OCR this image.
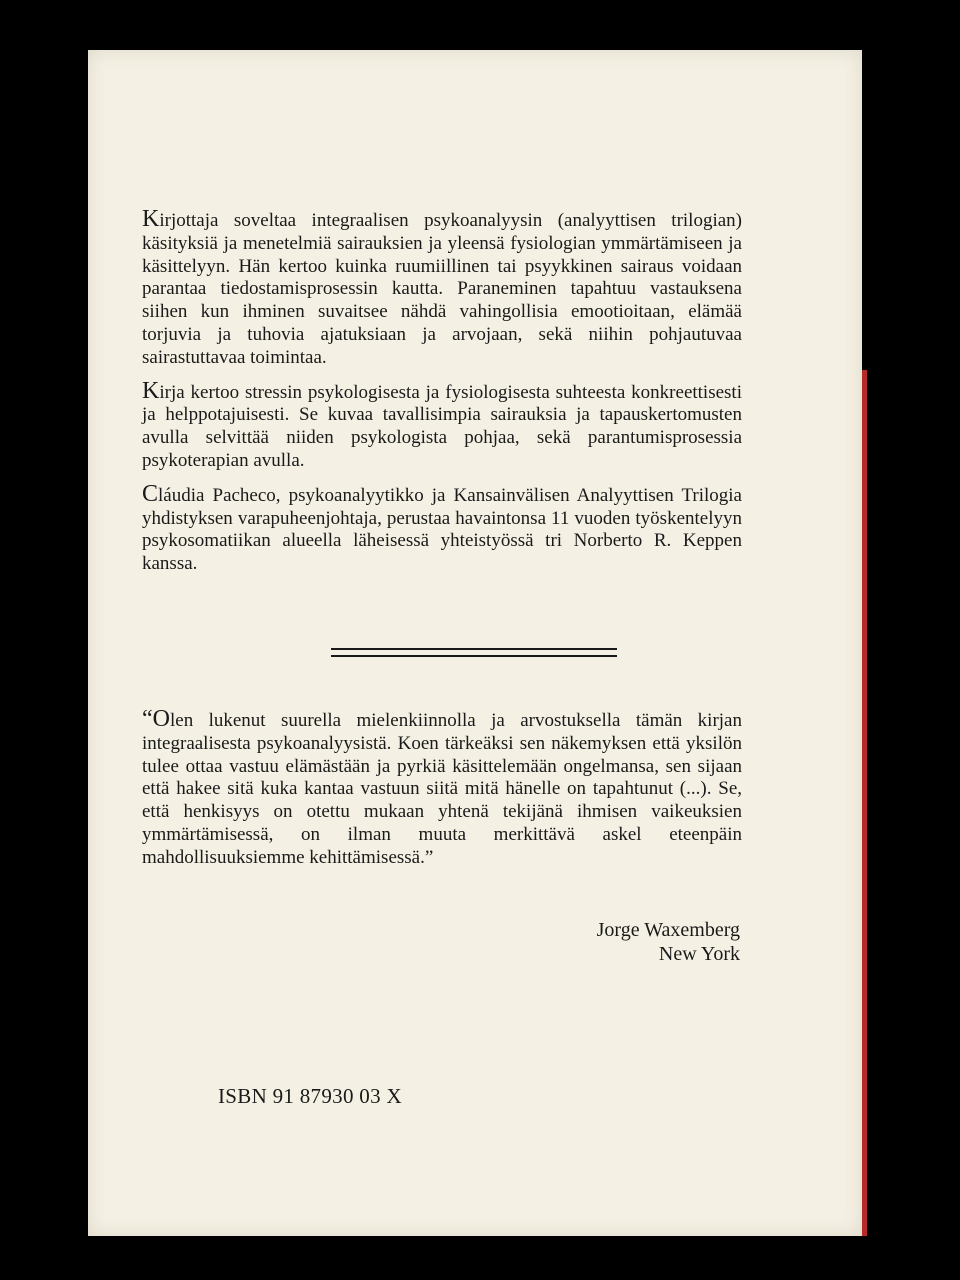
Kirjottaja soveltaa integraalisen psykoanalyysin (analyyttisen trilogian) käsityksiä ja menetelmiä sairauksien ja yleensä fysiologian ymmärtämiseen ja käsittelyyn. Hän kertoo kuinka ruumiillinen tai psyykkinen sairaus voidaan parantaa tiedostamisprosessin kautta. Paraneminen tapahtuu vastauksena siihen kun ihminen suvaitsee nähdä vahingollisia emootioitaan, elämää torjuvia ja tuhovia ajatuksiaan ja arvojaan, sekä niihin pohjautuvaa sairastuttavaa toimintaa.

Kirja kertoo stressin psykologisesta ja fysiologisesta suhteesta konkreettisesti ja helppotajuisesti. Se kuvaa tavallisimpia sairauksia ja tapauskertomusten avulla selvittää niiden psykologista pohjaa, sekä parantumisprosessia psykoterapian avulla.

Cláudia Pacheco, psykoanalyytikko ja Kansainvälisen Analyyttisen Trilogia yhdistyksen varapuheenjohtaja, perustaa havaintonsa 11 vuoden työskentelyyn psykosomatiikan alueella läheisessä yhteistyössä tri Norberto R. Keppen kanssa.

“Olen lukenut suurella mielenkiinnolla ja arvostuksella tämän kirjan integraalisesta psykoanalyysistä. Koen tärkeäksi sen näkemyksen että yksilön tulee ottaa vastuu elämästään ja pyrkiä käsittelemään ongelmansa, sen sijaan että hakee sitä kuka kantaa vastuun siitä mitä hänelle on tapahtunut (...). Se, että henkisyys on otettu mukaan yhtenä tekijänä ihmisen vaikeuksien ymmärtämisessä, on ilman muuta merkittävä askel eteenpäin mahdollisuuksiemme kehittämisessä.”

Jorge Waxemberg
New York
ISBN 91 87930 03 X
